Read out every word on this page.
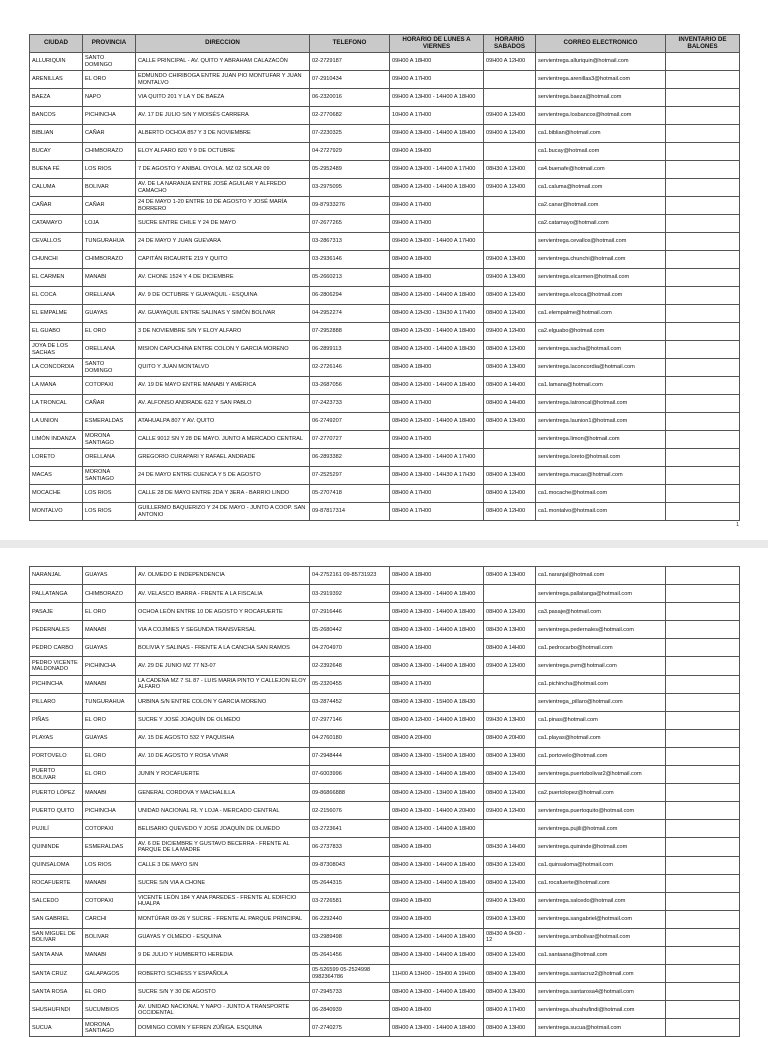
CIUDAD	PROVINCIA	DIRECCION	TELEFONO	HORARIO DE LUNES A VIERNES	HORARIO SABADOS	CORREO ELECTRONICO	INVENTARIO DE BALONES
ALLURIQUIN	SANTO DOMINGO	CALLE PRINCIPAL - AV. QUITO Y ABRAHAM CALAZACÓN	02-2729187	09H00 A 18H00	09H00 A 12H00	servientrega.alluriquin@hotmail.com	
ARENILLAS	EL ORO	EDMUNDO CHIRIBOGA ENTRE JUAN PIO MONTUFAR Y JUAN MONTALVO	07-2910434	09H00 A 17H00		servientrega.arenillas3@hotmail.com	
BAEZA	NAPO	VIA QUITO 201 Y LA Y DE BAEZA	06-2320016	09H00 A 13H00 - 14H00 A 18H00		servientrega.baeza@hotmail.com	
BANCOS	PICHINCHA	AV. 17 DE JULIO S/N Y MOISÉS CARRERA	02-2770682	10H00 A 17H00	09H00 A 12H00	servientrega.losbancos@hotmail.com	
BIBLIAN	CAÑAR	ALBERTO OCHOA 857 Y 3 DE NOVIEMBRE	07-2230325	09H00 A 13H00 - 14H00 A 18H00	09H00 A 12H00	ca1.biblian@hotmail.com	
BUCAY	CHIMBORAZO	ELOY ALFARO 820 Y 9 DE OCTUBRE	04-2727929	09H00 A 19H00		ca1.bucay@hotmail.com	
BUENA FÉ	LOS RIOS	7 DE AGOSTO Y ANIBAL OYOLA. MZ 02 SOLAR 09	05-2952489	09H00 A 13H00 - 14H00 A 17H00	08H30 A 12H00	ca4.buenafe@hotmail.com	
CALUMA	BOLIVAR	AV. DE LA NARANJA ENTRE JOSÉ AGUILAR Y ALFREDO CAMACHO	03-2975095	08H00 A 12H00 - 14H00 A 18H00	09H00 A 12H00	ca1.caluma@hotmail.com	
CAÑAR	CAÑAR	24 DE MAYO 1-20 ENTRE 10 DE AGOSTO Y JOSÉ MARÍA BORRERO	09-87933276	09H00 A 17H00		ca2.canar@hotmail.com	
CATAMAYO	LOJA	SUCRE ENTRE CHILE Y 24 DE MAYO	07-2677265	09H00 A 17H00		ca2.catamayo@hotmail.com	
CEVALLOS	TUNGURAHUA	24 DE MAYO Y JUAN GUEVARA	03-2867313	09H00 A 13H00 - 14H00 A 17H00		servientrega.cevallos@hotmail.com	
CHUNCHI	CHIMBORAZO	CAPITÁN RICAURTE 219 Y QUITO	03-2936146	08H00 A 18H00	09H00 A 13H00	servientrega.chunchi@hotmail.com	
EL CARMEN	MANABI	AV. CHONE 1524 Y 4 DE DICIEMBRE	05-2660213	08H00 A 18H00	09H00 A 13H00	servientrega.elcarmen@hotmail.com	
EL COCA	ORELLANA	AV. 9 DE OCTUBRE Y GUAYAQUIL - ESQUINA	06-2806294	08H00 A 12H00 - 14H00 A 18H00	08H00 A 12H00	servientrega.elcoca@hotmail.com	
EL EMPALME	GUAYAS	AV. GUAYAQUIL ENTRE SALINAS Y SIMÓN BOLIVAR	04-2952274	08H00 A 12H30 - 13H30 A 17H00	08H00 A 12H00	ca1.elempalme@hotmail.com	
EL GUABO	EL ORO	3 DE NOVIEMBRE S/N Y ELOY ALFARO	07-2952888	08H00 A 12H30 - 14H00 A 18H00	09H00 A 12H00	ca2.elguabo@hotmail.com	
JOYA DE LOS SACHAS	ORELLANA	MISION CAPUCHINA ENTRE COLON Y GARCIA MORENO	06-2899113	08H00 A 12H00 - 14H00 A 18H30	08H00 A 12H00	servientrega.sacha@hotmail.com	
LA CONCORDIA	SANTO DOMINGO	QUITO Y JUAN MONTALVO	02-2726146	08H00 A 18H00	08H00 A 13H00	servientrega.laconcordia@hotmail.com	
LA MANA	COTOPAXI	AV. 19 DE MAYO ENTRE MANABI Y AMÉRICA	03-2687056	08H00 A 12H00 - 14H00 A 18H00	08H00 A 14H00	ca1.lamana@hotmail.com	
LA TRONCAL	CAÑAR	AV. ALFONSO ANDRADE 622 Y SAN PABLO	07-2423733	08H00 A 17H00	08H00 A 14H00	servientrega.latroncal@hotmail.com	
LA UNION	ESMERALDAS	ATAHUALPA 807 Y AV. QUITO	06-2749207	08H00 A 12H00 - 14H00 A 18H00	08H00 A 13H00	servientrega.launion1@hotmail.com	
LIMÓN INDANZA	MORONA SANTIAGO	CALLE 9012 SN Y 28 DE MAYO. JUNTO A MERCADO CENTRAL	07-2770727	09H00 A 17H00		servientrega.limon@hotmail.com	
LORETO	ORELLANA	GREGORIO CURAPARI Y RAFAEL ANDRADE	06-2893382	08H00 A 13H00 - 14H00 A 17H00		servientrega.loreto@hotmail.com	
MACAS	MORONA SANTIAGO	24 DE MAYO ENTRE CUENCA Y 5 DE AGOSTO	07-2525297	08H00 A 13H00 - 14H30 A 17H30	08H00 A 13H00	servientrega.macas@hotmail.com	
MOCACHE	LOS RIOS	CALLE 28 DE MAYO ENTRE 2DA Y 3ERA - BARRIO LINDO	05-2707418	08H00 A 17H00	08H00 A 12H00	ca1.mocache@hotmail.com	
MONTALVO	LOS RIOS	GUILLERMO BAQUERIZO Y 24 DE MAYO - JUNTO A COOP. SAN ANTONIO	09-87817314	08H00 A 17H00	08H00 A 12H00	ca1.montalvo@hotmail.com	
1
NARANJAL	GUAYAS	AV. OLMEDO E INDEPENDENCIA	04-2752161 09-85731923	08H00 A 18H00	08H00 A 13H00	ca1.naranjal@hotmail.com	
PALLATANGA	CHIMBORAZO	AV. VELASCO IBARRA - FRENTE A LA FISCALIA	03-2919392	09H00 A 13H00 - 14H00 A 18H00		servientrega.pallatanga@hotmail.com	
PASAJE	EL ORO	OCHOA LEÓN ENTRE 10 DE AGOSTO Y ROCAFUERTE	07-2916446	08H00 A 13H00 - 14H00 A 18H00	08H00 A 12H00	ca3.pasaje@hotmail.com	
PEDERNALES	MANABI	VIA A COJIMIES Y SEGUNDA TRANSVERSAL	05-2680442	08H00 A 13H00 - 14H00 A 18H00	08H30 A 13H00	servientrega.pedernales@hotmail.com	
PEDRO CARBO	GUAYAS	BOLIVIA Y SALINAS - FRENTE A LA CANCHA SAN RAMOS	04-2704970	08H00 A 16H00	08H00 A 14H00	ca1.pedrocarbo@hotmail.com	
PEDRO VICENTE MALDONADO	PICHINCHA	AV. 29 DE JUNIO MZ 77 N3-07	02-2392648	08H00 A 13H00 - 14H00 A 18H00	09H00 A 12H00	servientrega.pvm@hotmail.com	
PICHINCHA	MANABI	LA CADENA MZ 7 SL 87 - LUIS MARIA PINTO Y CALLEJON ELOY ALFARO	05-2320455	08H00 A 17H00		ca1.pichincha@hotmail.com	
PILLARO	TUNGURAHUA	URBINA S/N ENTRE COLON Y GARCIA MORENO	03-2874452	08H00 A 13H00 - 15H00 A 18H30		servientrega_pillaro@hotmail.com	
PIÑAS	EL ORO	SUCRE Y JOSÉ JOAQUÍN DE OLMEDO	07-2977146	08H00 A 12H00 - 14H00 A 18H00	09H30 A 13H00	ca1.pinas@hotmail.com	
PLAYAS	GUAYAS	AV. 15 DE AGOSTO 532 Y PAQUISHA	04-2760180	08H00 A 20H00	08H00 A 20H00	ca1.playas@hotmail.com	
PORTOVELO	EL ORO	AV. 10 DE AGOSTO Y ROSA VIVAR	07-2948444	08H00 A 13H00 - 15H00 A 18H00	08H00 A 13H00	ca1.portovelo@hotmail.com	
PUERTO BOLIVAR	EL ORO	JUNIN Y ROCAFUERTE	07-6003996	08H00 A 13H00 - 14H00 A 18H00	08H00 A 12H00	servientrega.puertobolivar2@hotmail.com	
PUERTO LÓPEZ	MANABI	GENERAL CORDOVA Y MACHALILLA	09-86866888	08H00 A 12H00 - 13H00 A 18H00	08H00 A 12H00	ca2.puertolopez@hotmail.com	
PUERTO QUITO	PICHINCHA	UNIDAD NACIONAL RL Y LOJA - MERCADO CENTRAL	02-2156076	08H00 A 13H00 - 14H00 A 20H00	09H00 A 12H00	servientrega.puertoquito@hotmail.com	
PUJILÍ	COTOPAXI	BELISARIO QUEVEDO Y JOSE JOAQUÍN DE OLMEDO	03-2723641	08H00 A 12H00 - 14H00 A 18H00		servientrega.pujili@hotmail.com	
QUININDE	ESMERALDAS	AV. 6 DE DICIEMBRE Y GUSTAVO BECERRA - FRENTE AL PARQUE DE LA MADRE	06-2737833	08H00 A 18H00	08H30 A 14H00	servientrega.quininde@hotmail.com	
QUINSALOMA	LOS RIOS	CALLE 3 DE MAYO S/N	09-87308043	08H00 A 13H00 - 14H00 A 18H00	08H30 A 12H00	ca1.quinsaloma@hotmail.com	
ROCAFUERTE	MANABI	SUCRE S/N VIA A CHONE	05-2644315	08H00 A 12H00 - 14H00 A 18H00	08H00 A 12H00	ca1.rocafuerte@hotmail.com	
SALCEDO	COTOPAXI	VICENTE LEÓN 184 Y ANA PAREDES - FRENTE AL EDIFICIO HUALPA	03-2726581	09H00 A 18H00	09H00 A 13H00	servientrega.salcedo@hotmail.com	
SAN GABRIEL	CARCHI	MONTÚFAR 09-26 Y SUCRE - FRENTE AL PARQUE PRINCIPAL	06-2292440	09H00 A 18H00	09H00 A 13H00	servientrega.sangabriel@hotmail.com	
SAN MIGUEL DE BOLIVAR	BOLIVAR	GUAYAS Y OLMEDO - ESQUINA	03-2989498	08H00 A 12H00 - 14H00 A 18H00	08H30 A 9H30 - 12	servientrega.smbolivar@hotmail.com	
SANTA ANA	MANABI	9 DE JULIO Y HUMBERTO HEREDIA	05-2641456	08H00 A 13H00 - 14H00 A 18H00	08H00 A 12H00	ca1.santaana@hotmail.com	
SANTA CRUZ	GALAPAGOS	ROBERTO SCHIESS Y ESPAÑOLA	05-526599 05-2524998 0982364786	11H00 A 13H00 - 15H00 A 19H00	08H00 A 13H00	servientrega.santacruz2@hotmail.com	
SANTA ROSA	EL ORO	SUCRE S/N Y 30 DE AGOSTO	07-2945733	08H00 A 13H00 - 14H00 A 18H00	08H00 A 13H00	servientrega.santarosa4@hotmail.com	
SHUSHUFINDI	SUCUMBIOS	AV. UNIDAD NACIONAL Y NAPO - JUNTO A TRANSPORTE OCCIDENTAL	06-2840939	08H00 A 18H00	08H00 A 17H00	servientrega.shushufindi@hotmail.com	
SUCUA	MORONA SANTIAGO	DOMINGO COMIN Y EFREN ZÚÑIGA. ESQUINA	07-2740275	08H00 A 13H00 - 14H00 A 18H00	08H00 A 13H00	servientrega.sucua@hotmail.com	
